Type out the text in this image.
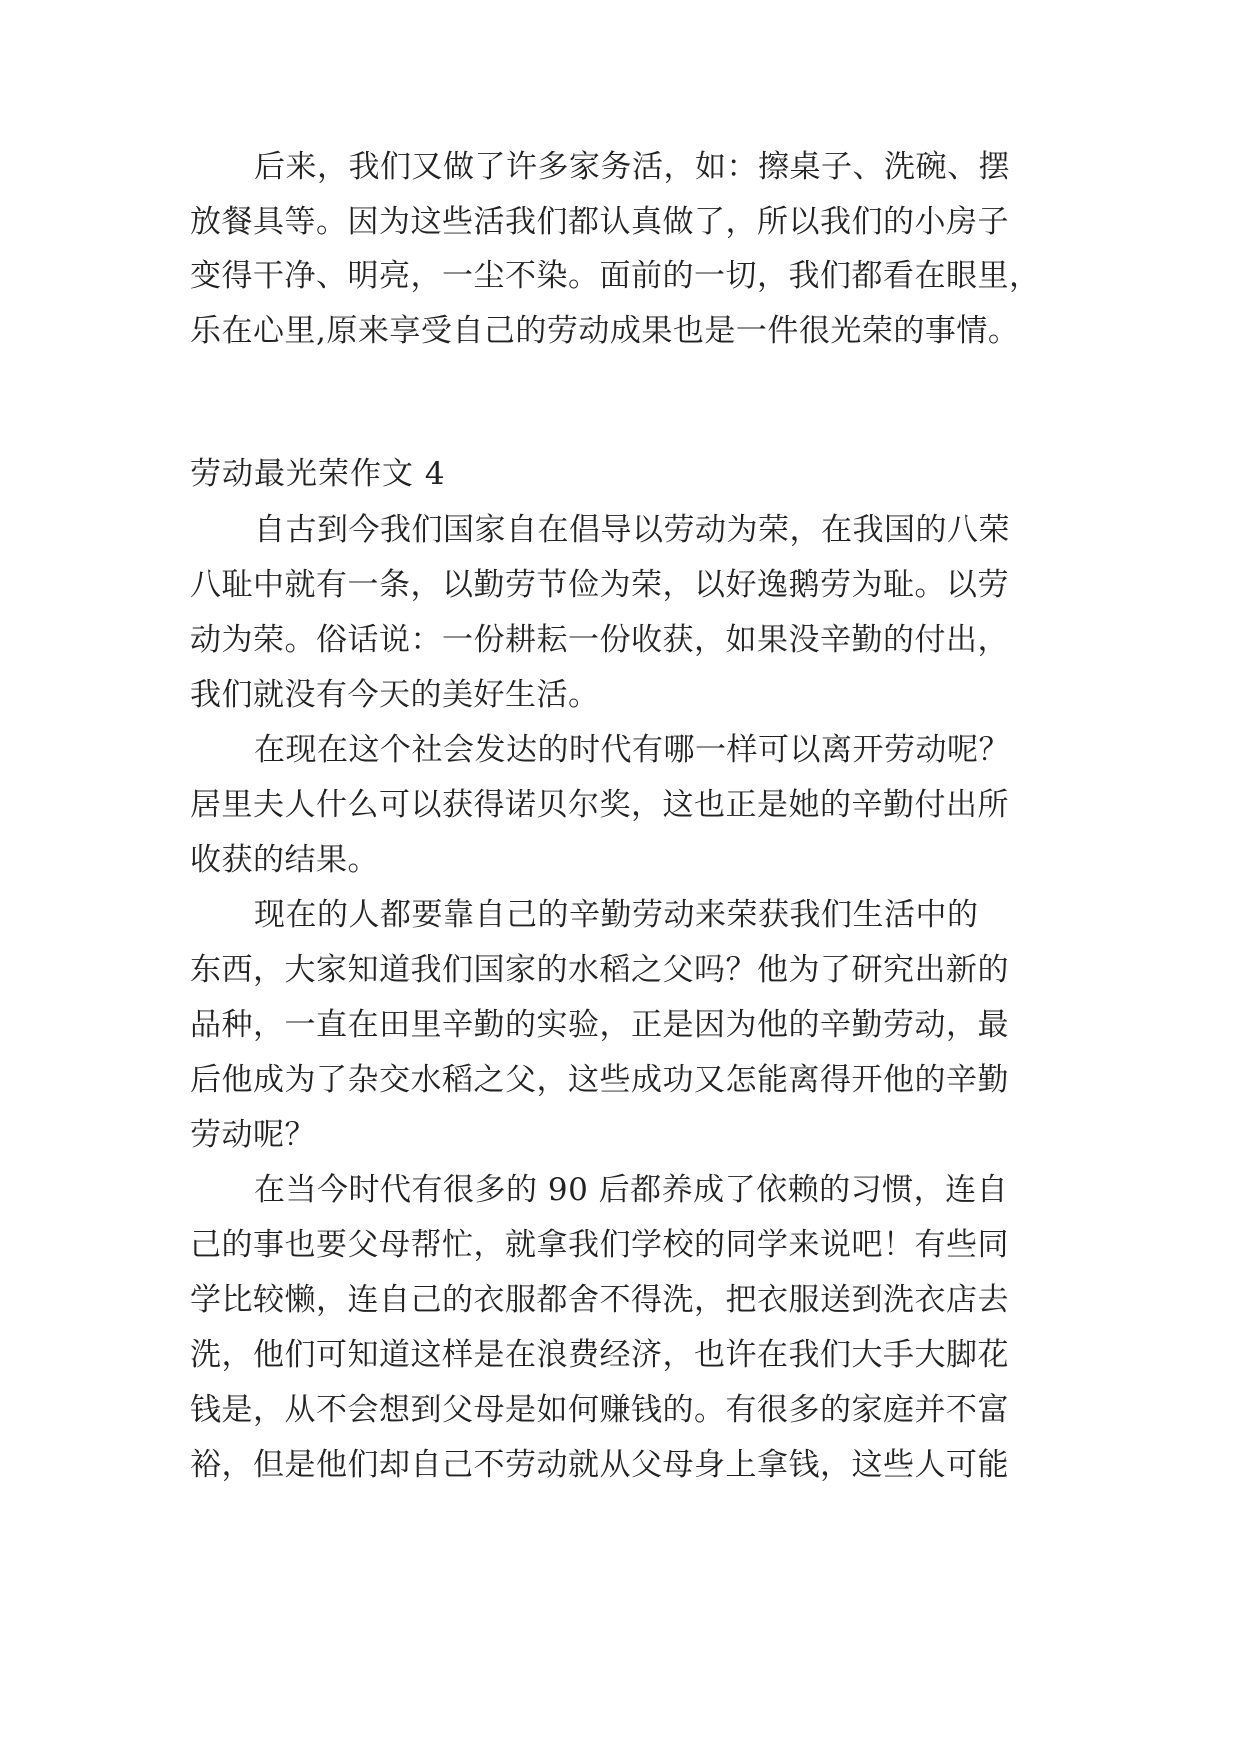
后来，我们又做了许多家务活，如：擦桌子、洗碗、摆
放餐具等。因为这些活我们都认真做了，所以我们的小房子
变得干净、明亮，一尘不染。面前的一切，我们都看在眼里，
乐在心里,原来享受自己的劳动成果也是一件很光荣的事情。
劳动最光荣作文 4
自古到今我们国家自在倡导以劳动为荣，在我国的八荣
八耻中就有一条，以勤劳节俭为荣，以好逸鹅劳为耻。以劳
动为荣。俗话说：一份耕耘一份收获，如果没辛勤的付出，
我们就没有今天的美好生活。
在现在这个社会发达的时代有哪一样可以离开劳动呢？
居里夫人什么可以获得诺贝尔奖，这也正是她的辛勤付出所
收获的结果。
现在的人都要靠自己的辛勤劳动来荣获我们生活中的
东西，大家知道我们国家的水稻之父吗？他为了研究出新的
品种，一直在田里辛勤的实验，正是因为他的辛勤劳动，最
后他成为了杂交水稻之父，这些成功又怎能离得开他的辛勤
劳动呢？
在当今时代有很多的 90 后都养成了依赖的习惯，连自
己的事也要父母帮忙，就拿我们学校的同学来说吧！有些同
学比较懒，连自己的衣服都舍不得洗，把衣服送到洗衣店去
洗，他们可知道这样是在浪费经济，也许在我们大手大脚花
钱是，从不会想到父母是如何赚钱的。有很多的家庭并不富
裕，但是他们却自己不劳动就从父母身上拿钱，这些人可能
